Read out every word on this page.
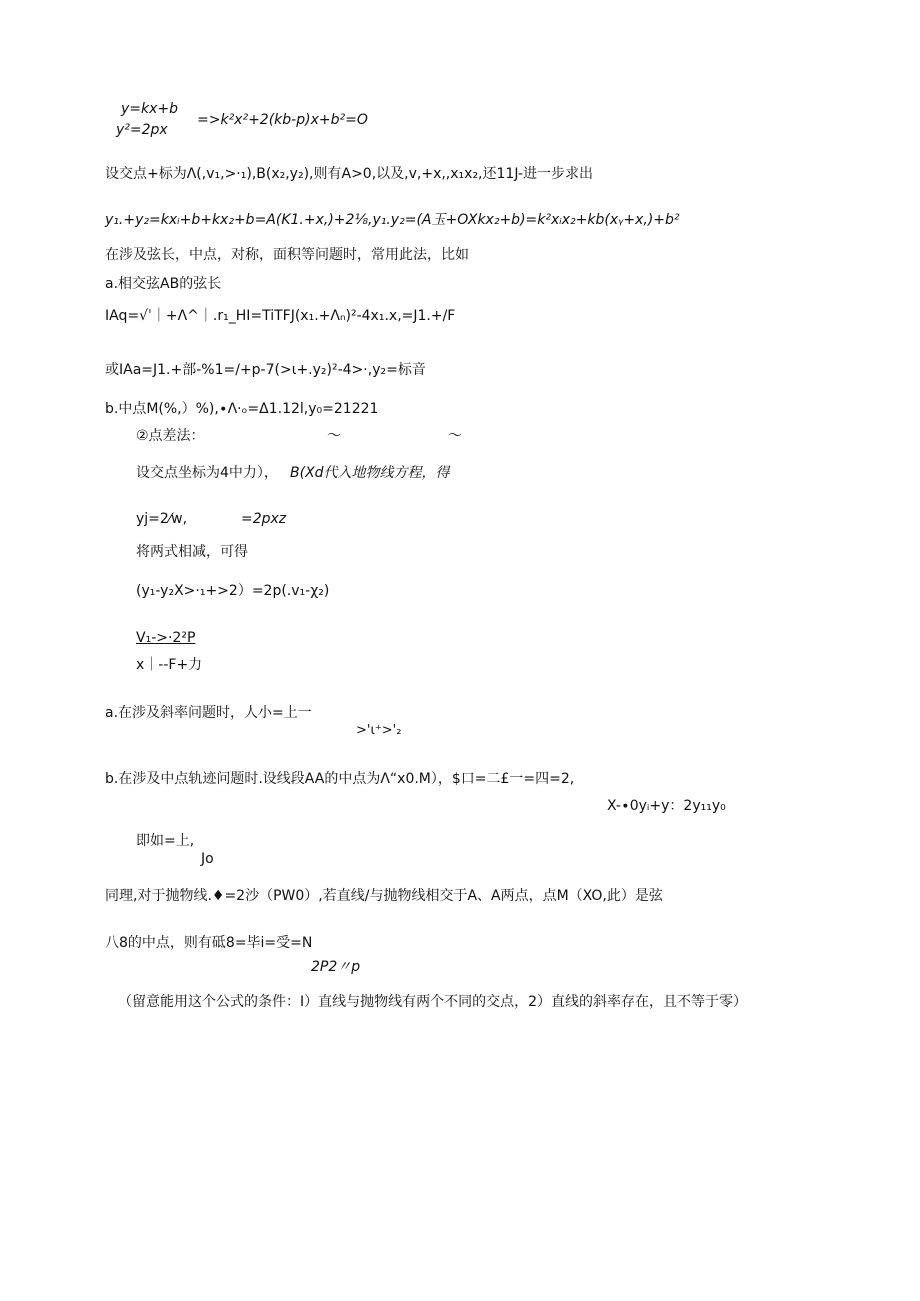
y=kx+b
y²=2px
=>k²x²+2(kb-p)x+b²=O
设交点+标为Λ(,v₁,>·₁),B(x₂,y₂),则有A>0,以及,v,+x,,x₁x₂,还11J-进一步求出
y₁.+y₂=kxᵢ+b+kx₂+b=A(K1.+x,)+2⅛,y₁.y₂=(A玉+OXkx₂+b)=k²xᵢx₂+kb(xᵧ+x,)+b²
在涉及弦长，中点，对称，面积等问题时，常用此法，比如
a.相交弦AB的弦长
IAq=√ˈ｜+Λ^｜.r₁_HI=TiTFJ(x₁.+Λₙ)²-4x₁.x,=J1.+/F
或IAa=J1.+部-%1=/+p-7(>ι+.y₂)²-4>·,y₂=标音
b.中点M(%,）%),∙Λ·ₒ=Δ1.12l,y₀=21221
②点差法：	～	～
设交点坐标为4中力）， B(Xd代入地物线方程，得
yj=2⁄w,	=2pxz
将两式相减，可得
(y₁-y₂X>·₁+>2）=2p(.v₁-χ₂)
V₁->·2²P
x｜--F+力
a.在涉及斜率问题时，人小=上一
>'ι⁺>'₂
b.在涉及中点轨迹问题时.设线段AA的中点为Λ“x0.M），$口=二£一=四=2,
X-∙0yᵢ+y：2y₁₁y₀
即如=上,
Jo
同理,对于抛物线.♦=2沙（PW0）,若直线/与抛物线相交于A、A两点，点M（XO,此）是弦
八8的中点，则有砥8=毕i=受=N
2P2〃p
（留意能用这个公式的条件：I）直线与抛物线有两个不同的交点，2）直线的斜率存在，且不等于零）
